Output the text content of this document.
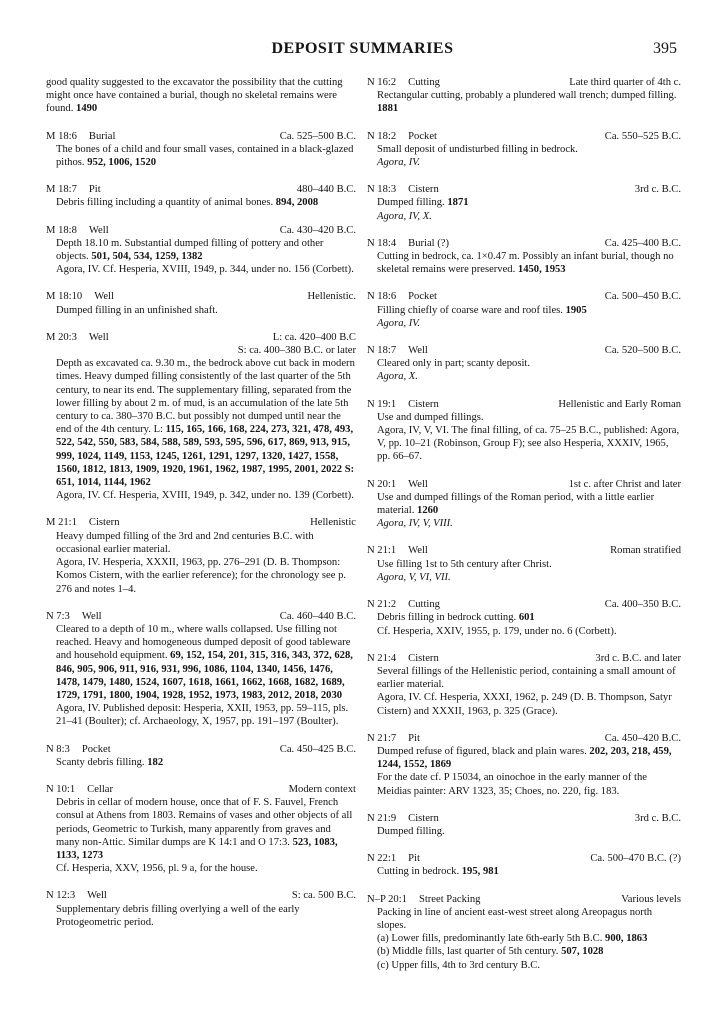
DEPOSIT SUMMARIES	395
good quality suggested to the excavator the possibility that the cutting might once have contained a burial, though no skeletal remains were found. 1490
M 18:6 Burial	Ca. 525–500 B.C.
The bones of a child and four small vases, contained in a black-glazed pithos. 952, 1006, 1520
M 18:7 Pit	480–440 B.C.
Debris filling including a quantity of animal bones. 894, 2008
M 18:8 Well	Ca. 430–420 B.C.
Depth 18.10 m. Substantial dumped filling of pottery and other objects. 501, 504, 534, 1259, 1382
Agora, IV. Cf. Hesperia, XVIII, 1949, p. 344, under no. 156 (Corbett).
M 18:10 Well	Hellenistic.
Dumped filling in an unfinished shaft.
M 20:3 Well	L: ca. 420–400 B.C
S: ca. 400–380 B.C. or later
Depth as excavated ca. 9.30 m., the bedrock above cut back in modern times. Heavy dumped filling consistently of the last quarter of the 5th century, to near its end. The supplementary filling, separated from the lower filling by about 2 m. of mud, is an accumulation of the late 5th century to ca. 380–370 B.C. but possibly not dumped until near the end of the 4th century. L: 115, 165, 166, 168, 224, 273, 321, 478, 493, 522, 542, 550, 583, 584, 588, 589, 593, 595, 596, 617, 869, 913, 915, 999, 1024, 1149, 1153, 1245, 1261, 1291, 1297, 1320, 1427, 1558, 1560, 1812, 1813, 1909, 1920, 1961, 1962, 1987, 1995, 2001, 2022 S: 651, 1014, 1144, 1962
Agora, IV. Cf. Hesperia, XVIII, 1949, p. 342, under no. 139 (Corbett).
M 21:1 Cistern	Hellenistic
Heavy dumped filling of the 3rd and 2nd centuries B.C. with occasional earlier material.
Agora, IV. Hesperia, XXXII, 1963, pp. 276–291 (D. B. Thompson: Komos Cistern, with the earlier reference); for the chronology see p. 276 and notes 1–4.
N 7:3 Well	Ca. 460–440 B.C.
Cleared to a depth of 10 m., where walls collapsed. Use filling not reached. Heavy and homogeneous dumped deposit of good tableware and household equipment. 69, 152, 154, 201, 315, 316, 343, 372, 628, 846, 905, 906, 911, 916, 931, 996, 1086, 1104, 1340, 1456, 1476, 1478, 1479, 1480, 1524, 1607, 1618, 1661, 1662, 1668, 1682, 1689, 1729, 1791, 1800, 1904, 1928, 1952, 1973, 1983, 2012, 2018, 2030
Agora, IV. Published deposit: Hesperia, XXII, 1953, pp. 59–115, pls. 21–41 (Boulter); cf. Archaeology, X, 1957, pp. 191–197 (Boulter).
N 8:3 Pocket	Ca. 450–425 B.C.
Scanty debris filling. 182
N 10:1 Cellar	Modern context
Debris in cellar of modern house, once that of F. S. Fauvel, French consul at Athens from 1803. Remains of vases and other objects of all periods, Geometric to Turkish, many apparently from graves and many non-Attic. Similar dumps are K 14:1 and O 17:3. 523, 1083, 1133, 1273
Cf. Hesperia, XXV, 1956, pl. 9 a, for the house.
N 12:3 Well	S: ca. 500 B.C.
Supplementary debris filling overlying a well of the early Protogeometric period.
N 16:2 Cutting	Late third quarter of 4th c.
Rectangular cutting, probably a plundered wall trench; dumped filling. 1881
N 18:2 Pocket	Ca. 550–525 B.C.
Small deposit of undisturbed filling in bedrock.
Agora, IV.
N 18:3 Cistern	3rd c. B.C.
Dumped filling. 1871
Agora, IV, X.
N 18:4 Burial (?)	Ca. 425–400 B.C.
Cutting in bedrock, ca. 1×0.47 m. Possibly an infant burial, though no skeletal remains were preserved. 1450, 1953
N 18:6 Pocket	Ca. 500–450 B.C.
Filling chiefly of coarse ware and roof tiles. 1905
Agora, IV.
N 18:7 Well	Ca. 520–500 B.C.
Cleared only in part; scanty deposit.
Agora, X.
N 19:1 Cistern	Hellenistic and Early Roman
Use and dumped fillings.
Agora, IV, V, VI. The final filling, of ca. 75–25 B.C., published: Agora, V, pp. 10–21 (Robinson, Group F); see also Hesperia, XXXIV, 1965, pp. 66–67.
N 20:1 Well	1st c. after Christ and later
Use and dumped fillings of the Roman period, with a little earlier material. 1260
Agora, IV, V, VIII.
N 21:1 Well	Roman stratified
Use filling 1st to 5th century after Christ.
Agora, V, VI, VII.
N 21:2 Cutting	Ca. 400–350 B.C.
Debris filling in bedrock cutting. 601
Cf. Hesperia, XXIV, 1955, p. 179, under no. 6 (Corbett).
N 21:4 Cistern	3rd c. B.C. and later
Several fillings of the Hellenistic period, containing a small amount of earlier material.
Agora, IV. Cf. Hesperia, XXXI, 1962, p. 249 (D. B. Thompson, Satyr Cistern) and XXXII, 1963, p. 325 (Grace).
N 21:7 Pit	Ca. 450–420 B.C.
Dumped refuse of figured, black and plain wares. 202, 203, 218, 459, 1244, 1552, 1869
For the date cf. P 15034, an oinochoe in the early manner of the Meidias painter: ARV 1323, 35; Choes, no. 220, fig. 183.
N 21:9 Cistern	3rd c. B.C.
Dumped filling.
N 22:1 Pit	Ca. 500–470 B.C. (?)
Cutting in bedrock. 195, 981
N–P 20:1 Street Packing	Various levels
Packing in line of ancient east-west street along Areopagus north slopes.
(a) Lower fills, predominantly late 6th-early 5th B.C. 900, 1863
(b) Middle fills, last quarter of 5th century. 507, 1028
(c) Upper fills, 4th to 3rd century B.C.
